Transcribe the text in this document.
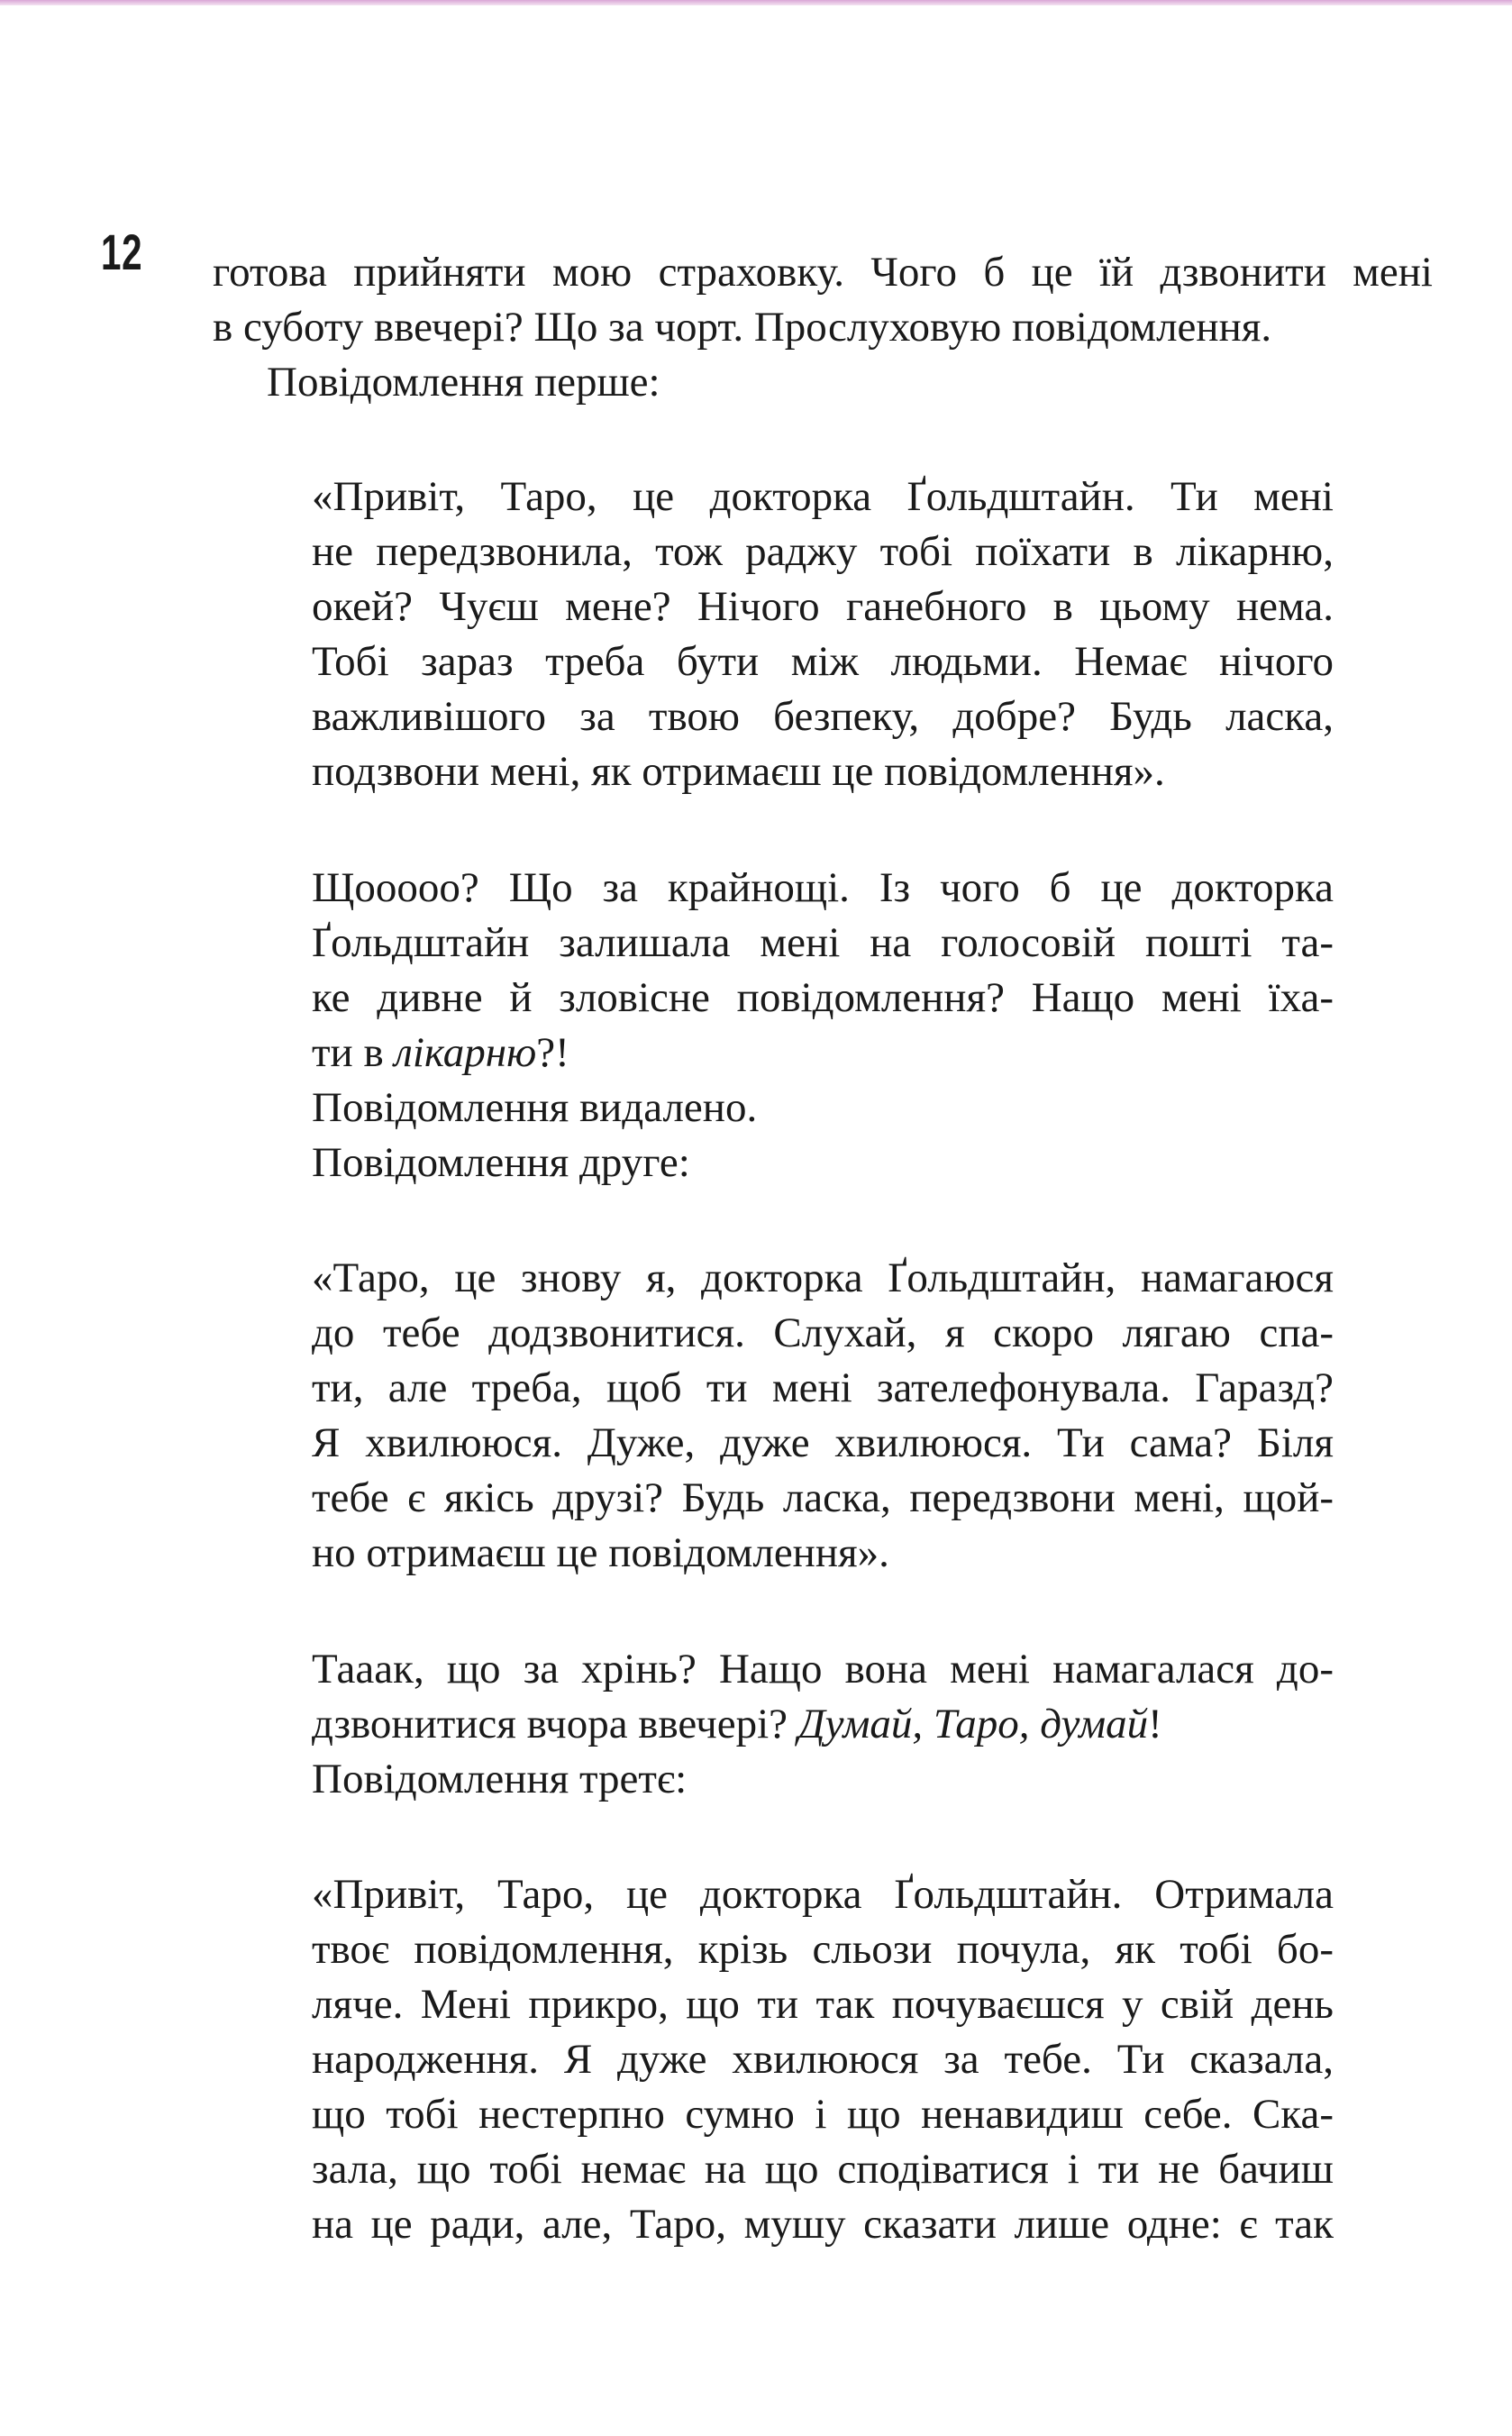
12 готова прийняти мою страховку. Чого б це їй дзвонити мені
в суботу ввечері? Що за чорт. Прослуховую повідомлення.
Повідомлення перше:
«Привіт, Таро, це докторка Ґольдштайн. Ти мені
не передзвонила, тож раджу тобі поїхати в лікарню,
окей? Чуєш мене? Нічого ганебного в цьому нема.
Тобі зараз треба бути між людьми. Немає нічого
важливішого за твою безпеку, добре? Будь ласка,
подзвони мені, як отримаєш це повідомлення».
Щооооо? Що за крайнощі. Із чого б це докторка
Ґольдштайн залишала мені на голосовій пошті та-
ке дивне й зловісне повідомлення? Нащо мені їха-
ти в лікарню?!
Повідомлення видалено.
Повідомлення друге:
«Таро, це знову я, докторка Ґольдштайн, намагаюся
до тебе додзвонитися. Слухай, я скоро лягаю спа-
ти, але треба, щоб ти мені зателефонувала. Гаразд?
Я хвилююся. Дуже, дуже хвилююся. Ти сама? Біля
тебе є якісь друзі? Будь ласка, передзвони мені, щой-
но отримаєш це повідомлення».
Тааак, що за хрінь? Нащо вона мені намагалася до-
дзвонитися вчора ввечері? Думай, Таро, думай!
Повідомлення третє:
«Привіт, Таро, це докторка Ґольдштайн. Отримала
твоє повідомлення, крізь сльози почула, як тобі бо-
ляче. Мені прикро, що ти так почуваєшся у свій день
народження. Я дуже хвилююся за тебе. Ти сказала,
що тобі нестерпно сумно і що ненавидиш себе. Ска-
зала, що тобі немає на що сподіватися і ти не бачиш
на це ради, але, Таро, мушу сказати лише одне: є так
